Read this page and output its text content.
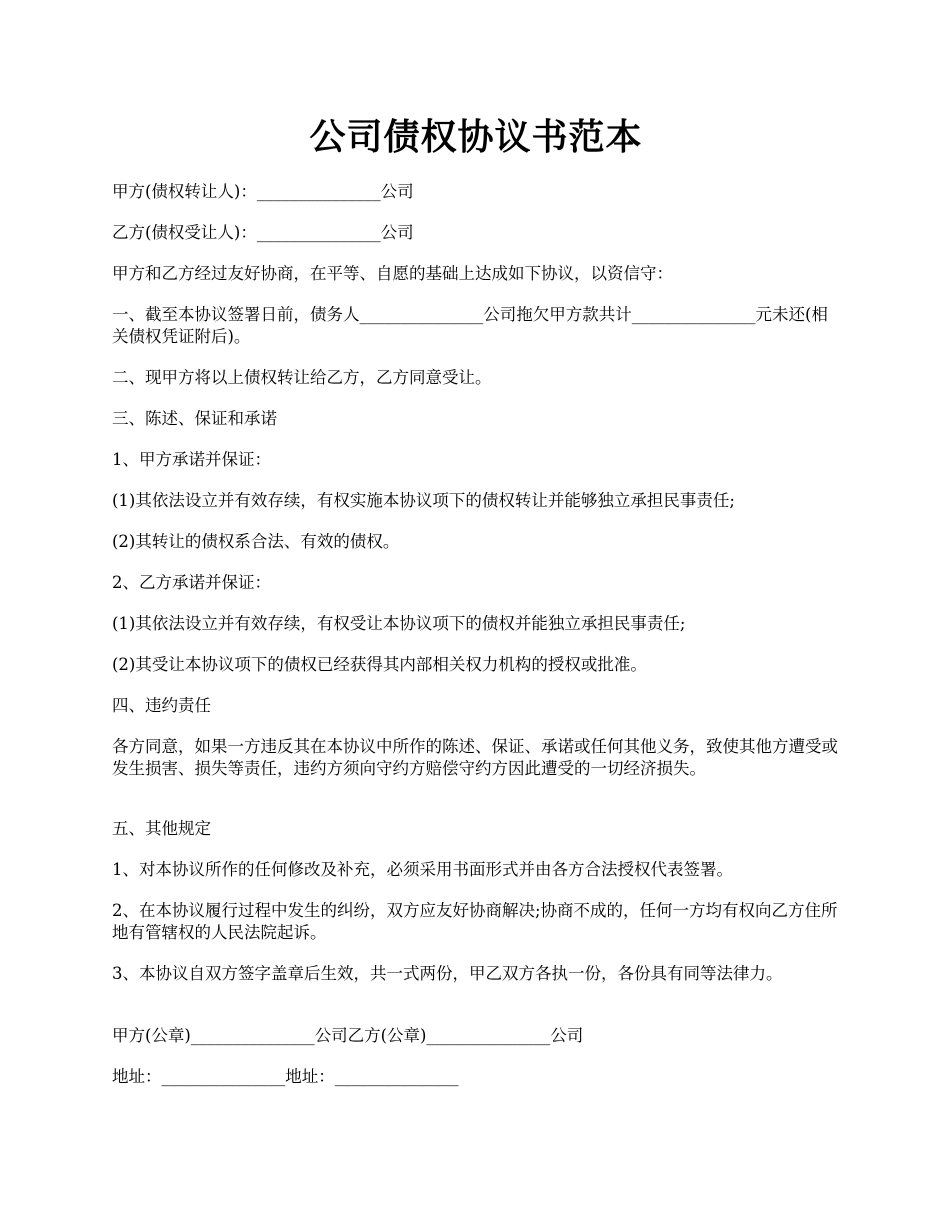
公司债权协议书范本

甲方(债权转让人)：_______________公司

乙方(债权受让人)：_______________公司

甲方和乙方经过友好协商，在平等、自愿的基础上达成如下协议，以资信守：

一、截至本协议签署日前，债务人_______________公司拖欠甲方款共计_______________元未还(相关债权凭证附后)。

二、现甲方将以上债权转让给乙方，乙方同意受让。

三、陈述、保证和承诺

1、甲方承诺并保证：

(1)其依法设立并有效存续，有权实施本协议项下的债权转让并能够独立承担民事责任;

(2)其转让的债权系合法、有效的债权。

2、乙方承诺并保证：

(1)其依法设立并有效存续，有权受让本协议项下的债权并能独立承担民事责任;

(2)其受让本协议项下的债权已经获得其内部相关权力机构的授权或批准。

四、违约责任

各方同意，如果一方违反其在本协议中所作的陈述、保证、承诺或任何其他义务，致使其他方遭受或发生损害、损失等责任，违约方须向守约方赔偿守约方因此遭受的一切经济损失。

五、其他规定

1、对本协议所作的任何修改及补充，必须采用书面形式并由各方合法授权代表签署。

2、在本协议履行过程中发生的纠纷，双方应友好协商解决;协商不成的，任何一方均有权向乙方住所地有管辖权的人民法院起诉。

3、本协议自双方签字盖章后生效，共一式两份，甲乙双方各执一份，各份具有同等法律力。

甲方(公章)_______________公司乙方(公章)_______________公司

地址：_______________地址：_______________
